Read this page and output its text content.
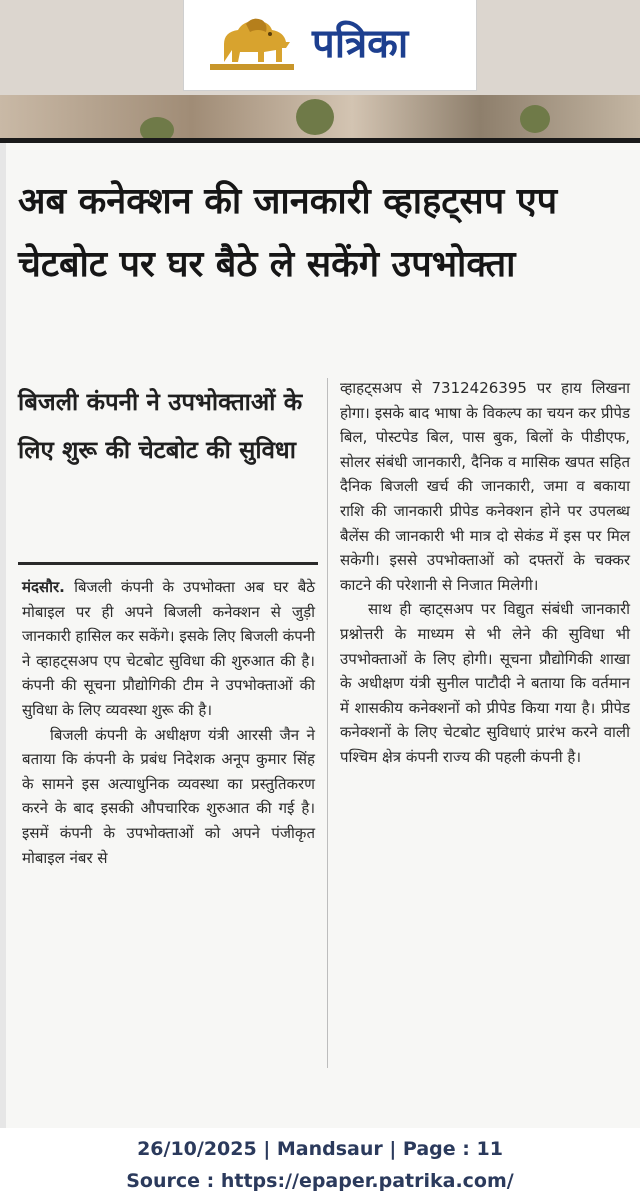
पत्रिका
अब कनेक्शन की जानकारी व्हाहट्सप एप चेटबोट पर घर बैठे ले सकेंगे उपभोक्ता
बिजली कंपनी ने उपभोक्ताओं के लिए शुरू की चेटबोट की सुविधा

मंदसौर. बिजली कंपनी के उपभोक्ता अब घर बैठे मोबाइल पर ही अपने बिजली कनेक्शन से जुड़ी जानकारी हासिल कर सकेंगे। इसके लिए बिजली कंपनी ने व्हाहट्सअप एप चेटबोट सुविधा की शुरुआत की है। कंपनी की सूचना प्रौद्योगिकी टीम ने उपभोक्ताओं की सुविधा के लिए व्यवस्था शुरू की है।

बिजली कंपनी के अधीक्षण यंत्री आरसी जैन ने बताया कि कंपनी के प्रबंध निदेशक अनूप कुमार सिंह के सामने इस अत्याधुनिक व्यवस्था का प्रस्तुतिकरण करने के बाद इसकी औपचारिक शुरुआत की गई है। इसमें कंपनी के उपभोक्ताओं को अपने पंजीकृत मोबाइल नंबर से

व्हाहट्सअप से 7312426395 पर हाय लिखना होगा। इसके बाद भाषा के विकल्प का चयन कर प्रीपेड बिल, पोस्टपेड बिल, पास बुक, बिलों के पीडीएफ, सोलर संबंधी जानकारी, दैनिक व मासिक खपत सहित दैनिक बिजली खर्च की जानकारी, जमा व बकाया राशि की जानकारी प्रीपेड कनेक्शन होने पर उपलब्ध बैलेंस की जानकारी भी मात्र दो सेकंड में इस पर मिल सकेगी। इससे उपभोक्ताओं को दफ्तरों के चक्कर काटने की परेशानी से निजात मिलेगी।

साथ ही व्हाट्सअप पर विद्युत संबंधी जानकारी प्रश्नोत्तरी के माध्यम से भी लेने की सुविधा भी उपभोक्ताओं के लिए होगी। सूचना प्रौद्योगिकी शाखा के अधीक्षण यंत्री सुनील पाटौदी ने बताया कि वर्तमान में शासकीय कनेक्शनों को प्रीपेड किया गया है। प्रीपेड कनेक्शनों के लिए चेटबोट सुविधाएं प्रारंभ करने वाली पश्चिम क्षेत्र कंपनी राज्य की पहली कंपनी है।

26/10/2025 | Mandsaur | Page : 11
Source : https://epaper.patrika.com/
